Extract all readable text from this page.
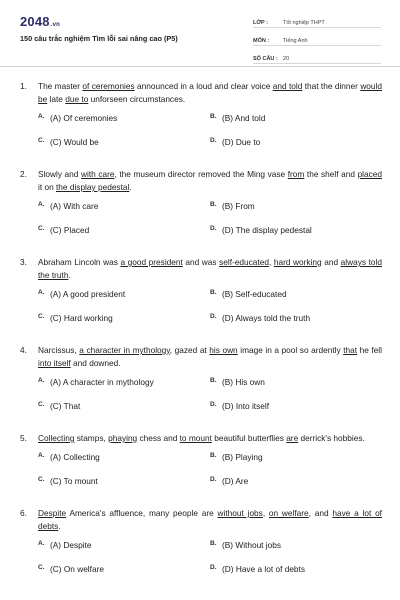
2048.vn
150 câu trắc nghiệm Tìm lỗi sai nâng cao (P5)
LỚP :	Tốt nghiệp THPT
MÔN :	Tiếng Anh
SỐ CÂU : 20
1.	The master of ceremonies announced in a loud and clear voice and told that the dinner would be late due to unforseen circumstances.
A. (A) Of ceremonies	B. (B) And told
C. (C) Would be	D. (D) Due to
2.	Slowly and with care, the museum director removed the Ming vase from the shelf and placed it on the display pedestal.
A. (A) With care	B. (B) From
C. (C) Placed	D. (D) The display pedestal
3.	Abraham Lincoln was a good president and was self-educated, hard working and always told the truth.
A. (A) A good president	B. (B) Self-educated
C. (C) Hard working	D. (D) Always told the truth
4.	Narcissus, a character in mythology, gazed at his own image in a pool so ardently that he fell into itself and downed.
A. (A) A character in mythology	B. (B) His own
C. (C) That	D. (D) Into itself
5.	Collecting stamps, phaying chess and to mount beautiful butterflies are derrick's hobbies.
A. (A) Collecting	B. (B) Playing
C. (C) To mount	D. (D) Are
6.	Despite America's affluence, many people are without jobs, on welfare, and have a lot of debts.
A. (A) Despite	B. (B) Without jobs
C. (C) On welfare	D. (D) Have a lot of debts
